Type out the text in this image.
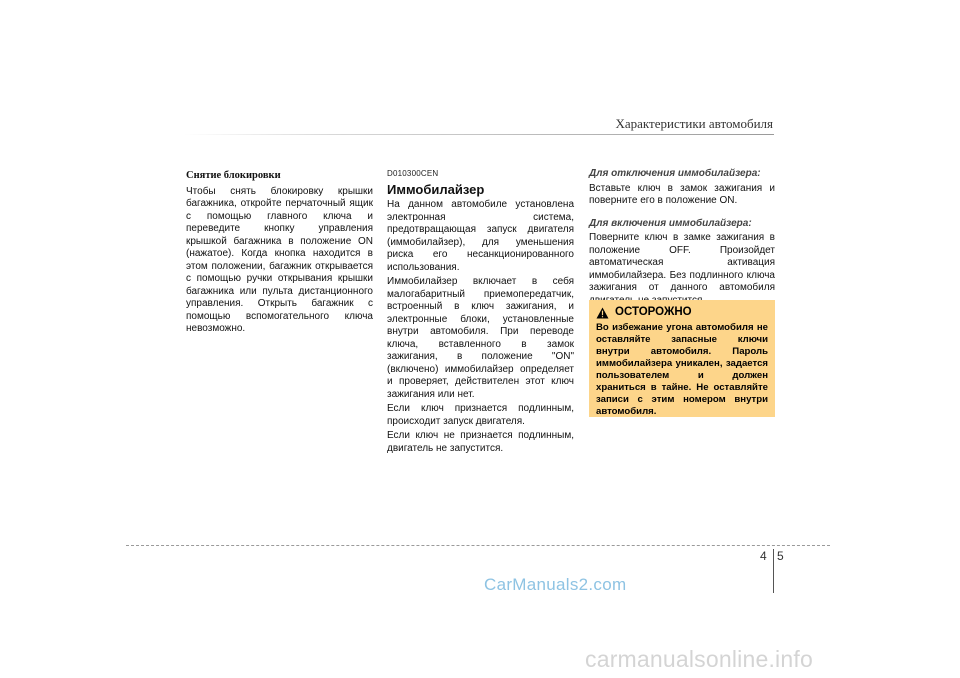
Характеристики автомобиля
Снятие блокировки

Чтобы снять блокировку крышки багажника, откройте перчаточный ящик с помощью главного ключа и переведите кнопку управления крышкой багажника в положение ON (нажатое). Когда кнопка находится в этом положении, багажник открывается с помощью ручки открывания крышки багажника или пульта дистанционного управления. Открыть багажник с помощью вспомогательного ключа невозможно.

D010300CEN
Иммобилайзер

На данном автомобиле установлена электронная система, предотвращающая запуск двигателя (иммобилайзер), для уменьшения риска его несанкционированного использования.

Иммобилайзер включает в себя малогабаритный приемопередатчик, встроенный в ключ зажигания, и электронные блоки, установленные внутри автомобиля. При переводе ключа, вставленного в замок зажигания, в положение "ON" (включено) иммобилайзер определяет и проверяет, действителен этот ключ зажигания или нет.

Если ключ признается подлинным, происходит запуск двигателя.

Если ключ не признается подлинным, двигатель не запустится.

Для отключения иммобилайзера:

Вставьте ключ в замок зажигания и поверните его в положение ON.

Для включения иммобилайзера:

Поверните ключ в замке зажигания в положение OFF. Произойдет автоматическая активация иммобилайзера. Без подлинного ключа зажигания от данного автомобиля

ОСТОРОЖНО

Во избежание угона автомобиля не оставляйте запасные ключи внутри автомобиля. Пароль иммобилайзера уникален, задается пользователем и должен храниться в тайне. Не оставляйте записи с этим номером внутри автомобиля.

4 5
CarManuals2.com
carmanualsonline.info
